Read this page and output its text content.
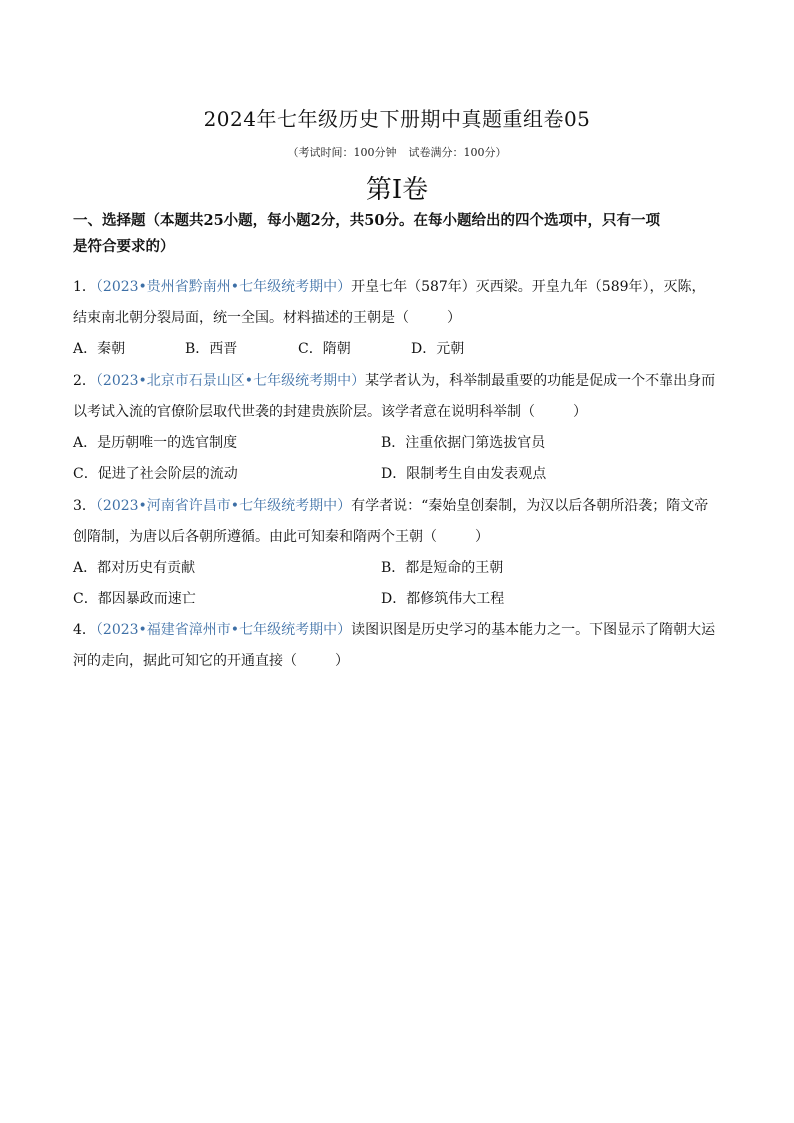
2024年七年级历史下册期中真题重组卷05
（考试时间：100分钟 试卷满分：100分）
第Ⅰ卷
一、选择题（本题共25小题，每小题2分，共50分。在每小题给出的四个选项中，只有一项
是符合要求的）
1．（2023•贵州省黔南州•七年级统考期中）开皇七年（587年）灭西梁。开皇九年（589年），灭陈，
结束南北朝分裂局面，统一全国。材料描述的王朝是（	）
A．秦朝	B．西晋	C．隋朝	D．元朝
2．（2023•北京市石景山区•七年级统考期中）某学者认为，科举制最重要的功能是促成一个不靠出身而
以考试入流的官僚阶层取代世袭的封建贵族阶层。该学者意在说明科举制（	）
A．是历朝唯一的选官制度	B．注重依据门第选拔官员
C．促进了社会阶层的流动	D．限制考生自由发表观点
3．（2023•河南省许昌市•七年级统考期中）有学者说：“秦始皇创秦制，为汉以后各朝所沿袭；隋文帝
创隋制，为唐以后各朝所遵循。由此可知秦和隋两个王朝（	）
A．都对历史有贡献	B．都是短命的王朝
C．都因暴政而速亡	D．都修筑伟大工程
4．（2023•福建省漳州市•七年级统考期中）读图识图是历史学习的基本能力之一。下图显示了隋朝大运
河的走向，据此可知它的开通直接（	）
